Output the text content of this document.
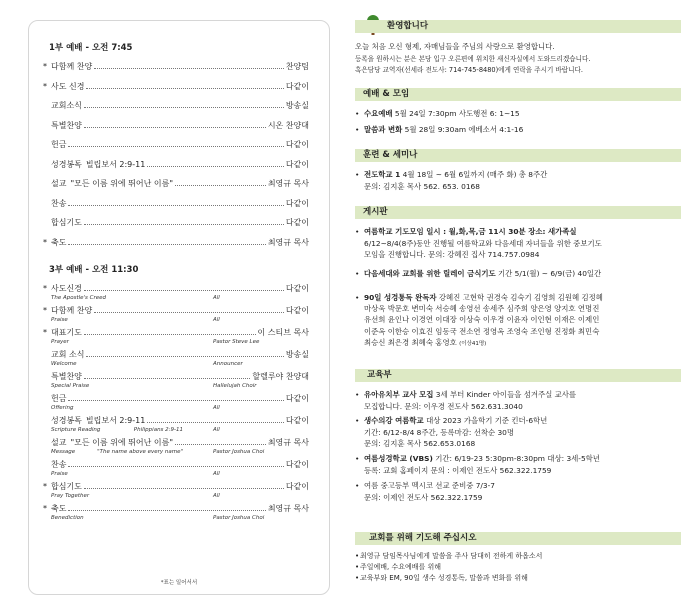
1부 예배 - 오전 7:45
* 다함께 찬양	찬양팀
* 사도 신경	다같이
교회소식	방송실
특별찬양	시온 찬양대
헌금	다같이
성경봉독 빌립보서 2:9-11	다같이
설교 "모든 이름 위에 뛰어난 이름"	최영규 목사
찬송	다같이
합심기도	다같이
* 축도	최영규 목사
3부 예배 - 오전 11:30
* 사도신경	다같이
The Apostle's Creed	All
* 다함께 찬양	다같이
Praise	All
* 대표기도	이 스티브 목사
Prayer	Pastor Steve Lee
교회 소식	방송실
Welcome	Announcer
특별찬양	할렐루야 찬양대
Special Praise	Hallelujah Choir
헌금	다같이
Offering	All
성경봉독 빌립보서 2:9-11	다같이
Scripture Reading	Philippians 2:9-11	All
설교 "모든 이름 위에 뛰어난 이름"	최영규 목사
Message	"The name above every name"	Pastor Joshua Choi
찬송	다같이
Praise	All
* 합심기도	다같이
Pray Together	All
* 축도	최영규 목사
Benediction	Pastor Joshua Choi
*표는 일어서서
환영합니다
오늘 처음 오신 형제, 자매님들을 주님의 사랑으로 환영합니다.
등록을 원하시는 분은 본당 입구 오른편에 위치한 새신자실에서 도와드리겠습니다.
혹은담당 교역자(선세라 전도사: 714-745-8480)에게 연락을 주시기 바랍니다.
예배 & 모임
• 수요예배 5월 24일 7:30pm 사도행전 6: 1~15
• 말씀과 변화 5월 28일 9:30am 에베소서 4:1-16
훈련 & 세미나
• 전도학교 1 4월 18일 ~ 6월 6일까지 (매주 화) 총 8주간
문의: 김지훈 목사 562. 653. 0168
게시판
• 여름학교 기도모임 일시 : 월,화,목,금 11시 30분 장소: 새가족실
6/12~8/4(8주)동안 진행될 여름학교와 다음세대 자녀들을 위한 중보기도
모임을 진행합니다. 문의: 강혜진 집사 714.757.0984
• 다음세대와 교회를 위한 릴레이 금식기도 기간 5/1(월) ~ 6/9(금) 40일간
• 90일 성경통독 완독자 강혜진 고현학 권경숙 김숙기 김영희 김원혜 김정혜
마상욱 박문호 변미숙 서승혜 송영선 송세주 심주희 양은영 양지호 연명진
유선희 윤인나 이경연 이대장 이상숙 이우경 이윤자 이인현 이재은 이제인
이준옥 이한승 이효진 임동국 전소연 정영옥 조영숙 조인형 진정화 최민숙
최승신 최은경 최혜숙 홍영호 (이상41명)
교육부
• 유아유치부 교사 모집 3세 부터 Kinder 아이들을 섬겨주실 교사를
모집합니다. 문의: 이우경 전도사 562.631.3040
• 생수의강 여름학교 대상 2023 가을학기 기준 킨더-6학년
기간: 6/12-8/4 8주간, 등록마감: 선착순 30명
문의: 김지훈 목사 562.653.0168
• 여름성경학교 (VBS) 기간: 6/19-23 5:30pm-8:30pm 대상: 3세-5학년
등록: 교회 홈페이지 문의 : 이제인 전도사 562.322.1759
• 여름 중고등부 멕시코 선교 준비중 7/3-7
문의: 이제인 전도사 562.322.1759
교회를 위해 기도해 주십시오
• 최영규 담임목사님에게 말씀을 주사 담대히 전하게 하옵소서
• 주일예배, 수요예배를 위해
• 교육부와 EM, 90일 생수 성경통독, 말씀과 변화를 위해
